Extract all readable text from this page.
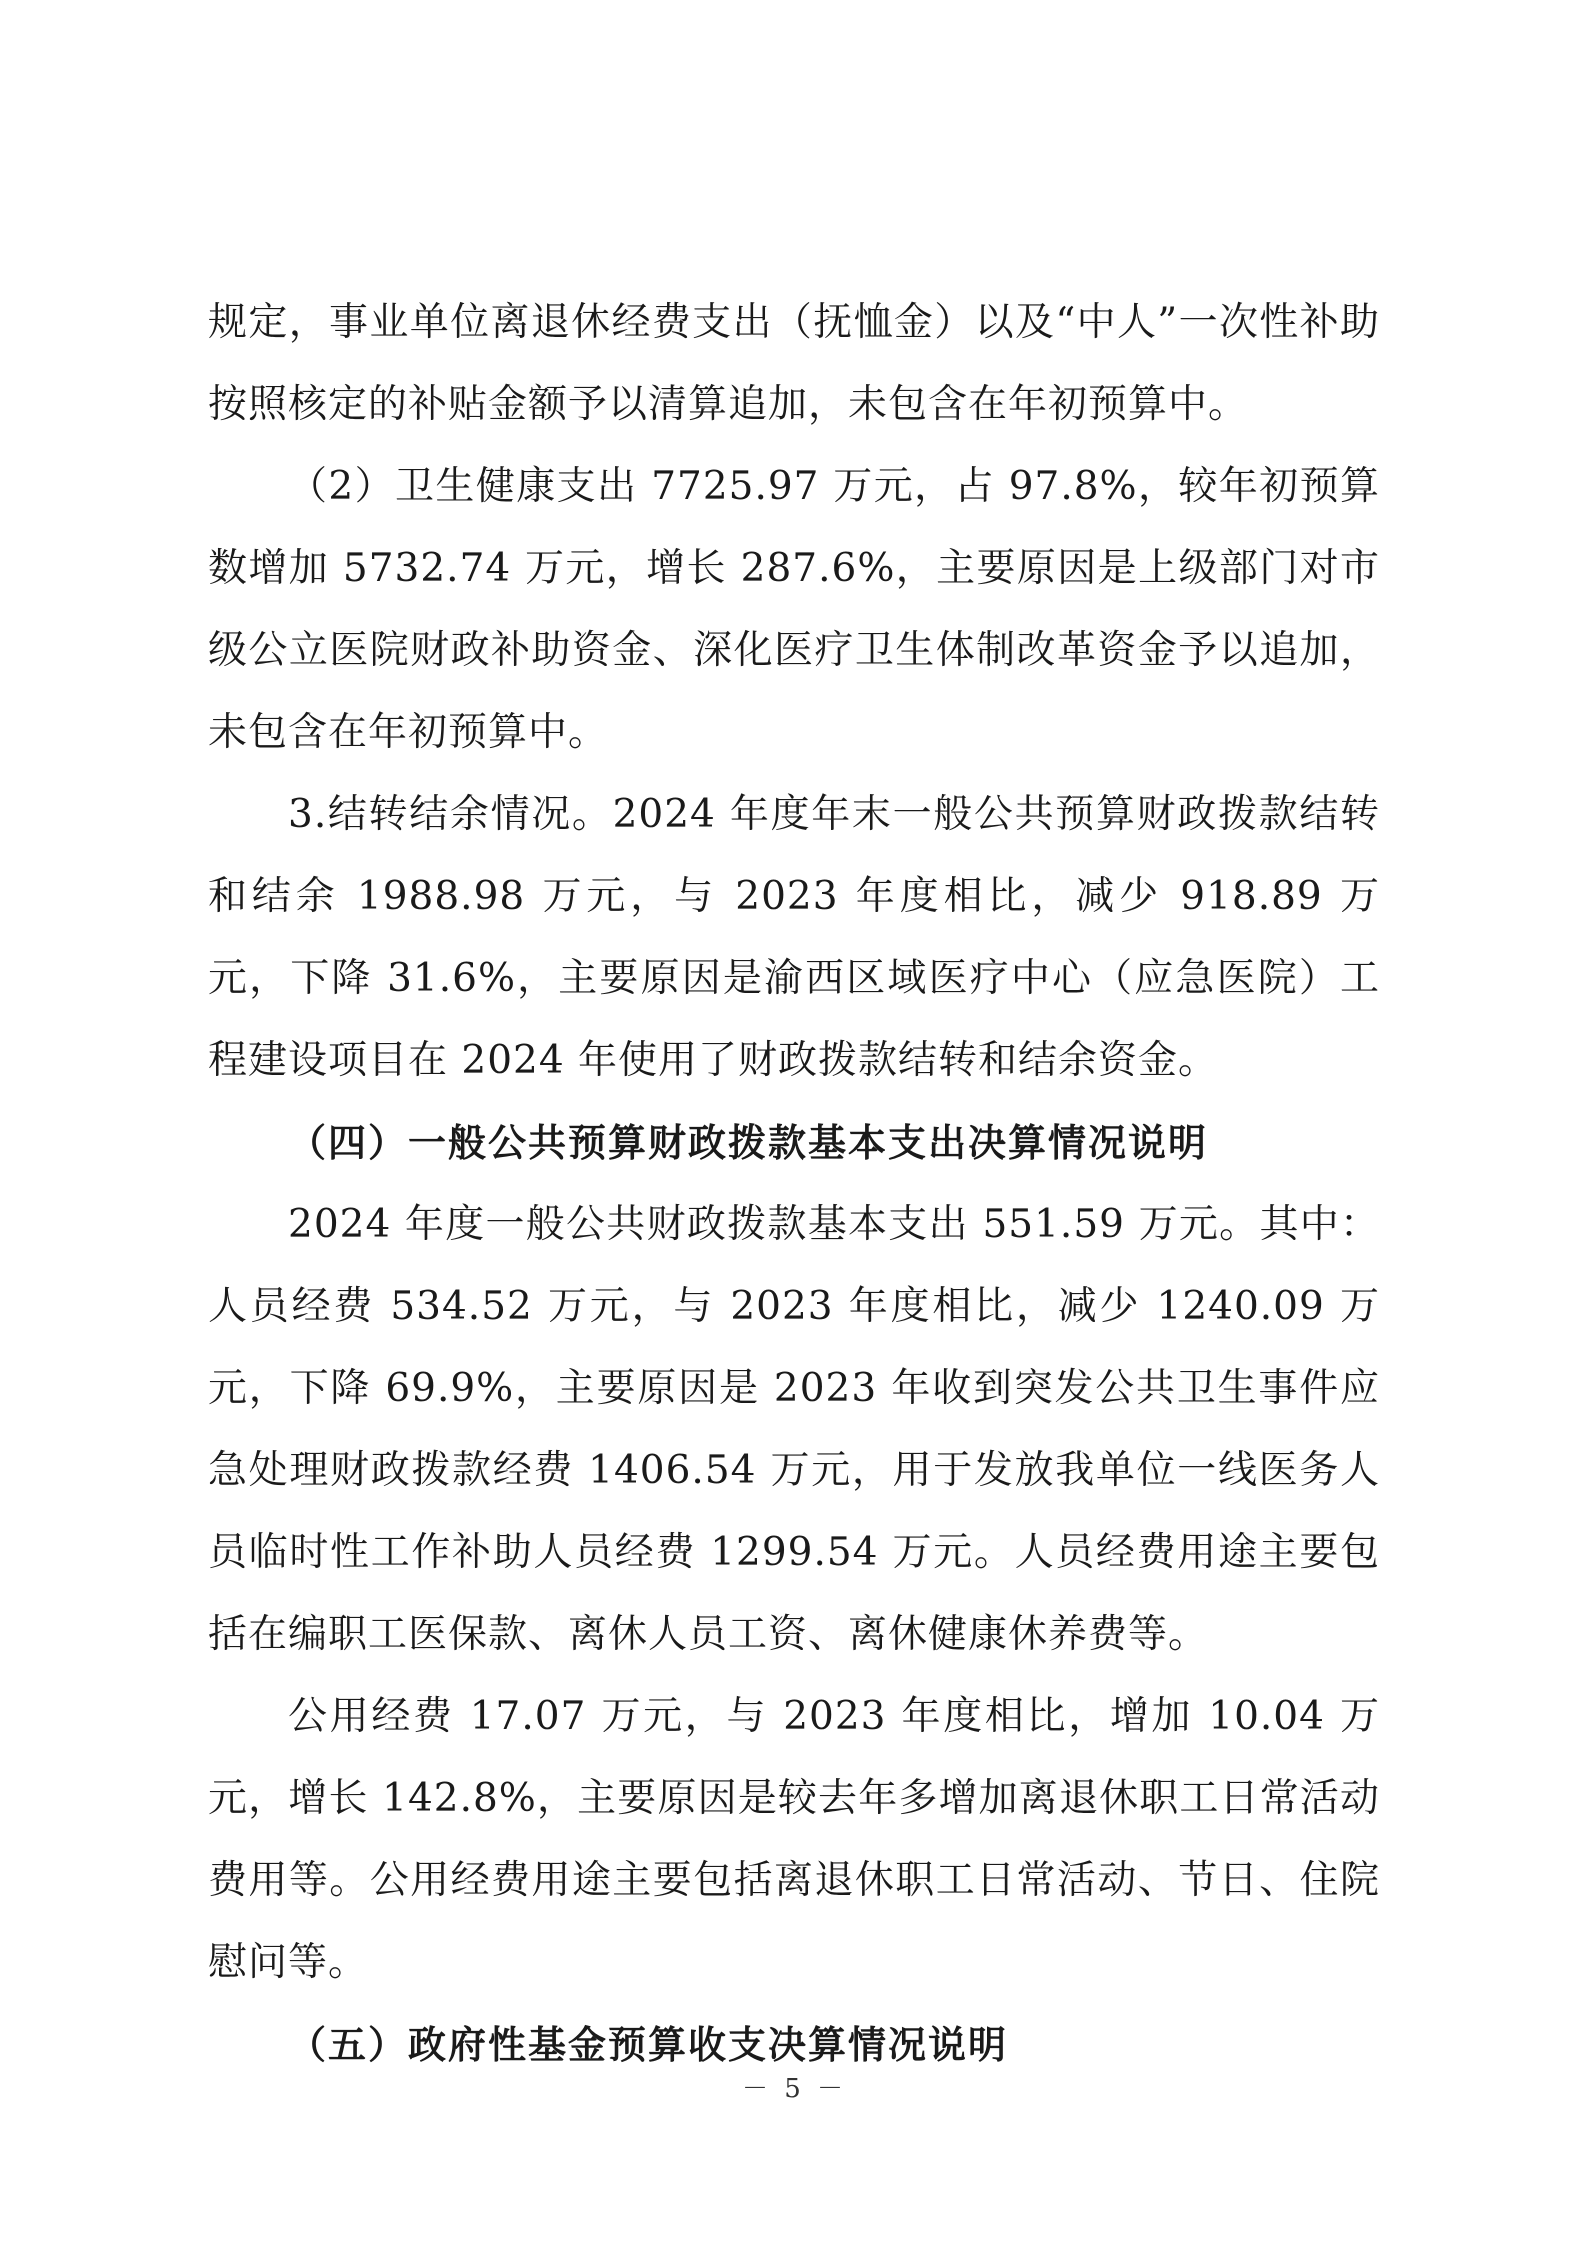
规定，事业单位离退休经费支出（抚恤金）以及“中人”一次性补助按照核定的补贴金额予以清算追加，未包含在年初预算中。

（2）卫生健康支出 7725.97 万元，占 97.8%，较年初预算数增加 5732.74 万元，增长 287.6%，主要原因是上级部门对市级公立医院财政补助资金、深化医疗卫生体制改革资金予以追加，未包含在年初预算中。

3.结转结余情况。2024 年度年末一般公共预算财政拨款结转和结余 1988.98 万元，与 2023 年度相比，减少 918.89 万元，下降 31.6%，主要原因是渝西区域医疗中心（应急医院）工程建设项目在 2024 年使用了财政拨款结转和结余资金。

（四）一般公共预算财政拨款基本支出决算情况说明

2024 年度一般公共财政拨款基本支出 551.59 万元。其中：人员经费 534.52 万元，与 2023 年度相比，减少 1240.09 万元，下降 69.9%，主要原因是 2023 年收到突发公共卫生事件应急处理财政拨款经费 1406.54 万元，用于发放我单位一线医务人员临时性工作补助人员经费 1299.54 万元。人员经费用途主要包括在编职工医保款、离休人员工资、离休健康休养费等。

公用经费 17.07 万元，与 2023 年度相比，增加 10.04 万元，增长 142.8%，主要原因是较去年多增加离退休职工日常活动费用等。公用经费用途主要包括离退休职工日常活动、节日、住院慰问等。

（五）政府性基金预算收支决算情况说明

－ 5 －
